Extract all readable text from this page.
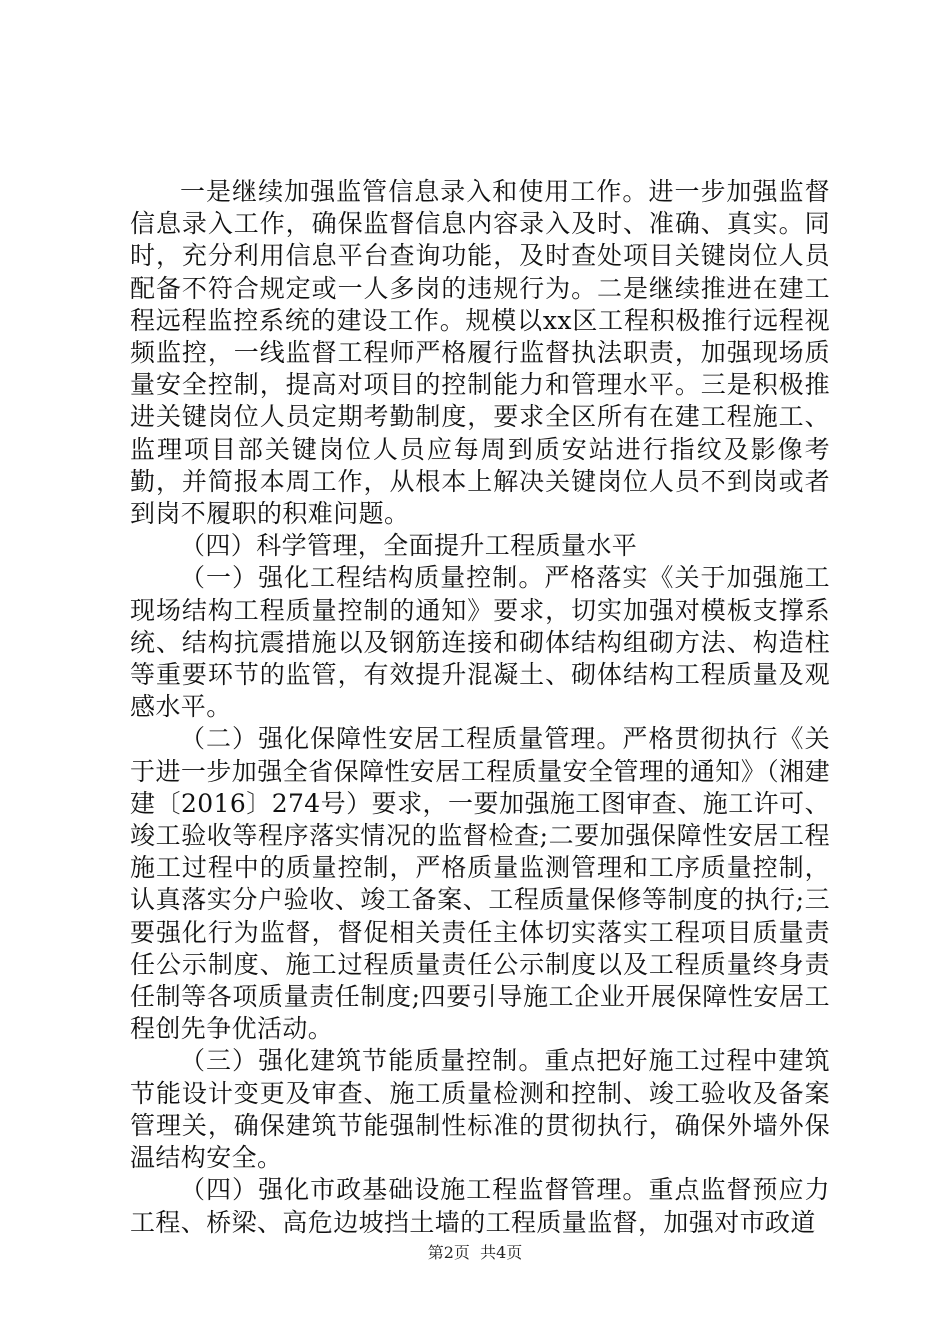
一是继续加强监管信息录入和使用工作。进一步加强监督信息录入工作，确保监督信息内容录入及时、准确、真实。同时，充分利用信息平台查询功能，及时查处项目关键岗位人员配备不符合规定或一人多岗的违规行为。二是继续推进在建工程远程监控系统的建设工作。规模以xx区工程积极推行远程视频监控，一线监督工程师严格履行监督执法职责，加强现场质量安全控制，提高对项目的控制能力和管理水平。三是积极推进关键岗位人员定期考勤制度，要求全区所有在建工程施工、监理项目部关键岗位人员应每周到质安站进行指纹及影像考勤，并简报本周工作，从根本上解决关键岗位人员不到岗或者到岗不履职的积难问题。

（四）科学管理，全面提升工程质量水平

（一）强化工程结构质量控制。严格落实《关于加强施工现场结构工程质量控制的通知》要求，切实加强对模板支撑系统、结构抗震措施以及钢筋连接和砌体结构组砌方法、构造柱等重要环节的监管，有效提升混凝土、砌体结构工程质量及观感水平。

（二）强化保障性安居工程质量管理。严格贯彻执行《关于进一步加强全省保障性安居工程质量安全管理的通知》（湘建建〔2016〕274号）要求，一要加强施工图审查、施工许可、竣工验收等程序落实情况的监督检查;二要加强保障性安居工程施工过程中的质量控制，严格质量监测管理和工序质量控制，认真落实分户验收、竣工备案、工程质量保修等制度的执行;三要强化行为监督，督促相关责任主体切实落实工程项目质量责任公示制度、施工过程质量责任公示制度以及工程质量终身责任制等各项质量责任制度;四要引导施工企业开展保障性安居工程创先争优活动。

（三）强化建筑节能质量控制。重点把好施工过程中建筑节能设计变更及审查、施工质量检测和控制、竣工验收及备案管理关，确保建筑节能强制性标准的贯彻执行，确保外墙外保温结构安全。

（四）强化市政基础设施工程监督管理。重点监督预应力工程、桥梁、高危边坡挡土墙的工程质量监督，加强对市政道

第2页 共4页
